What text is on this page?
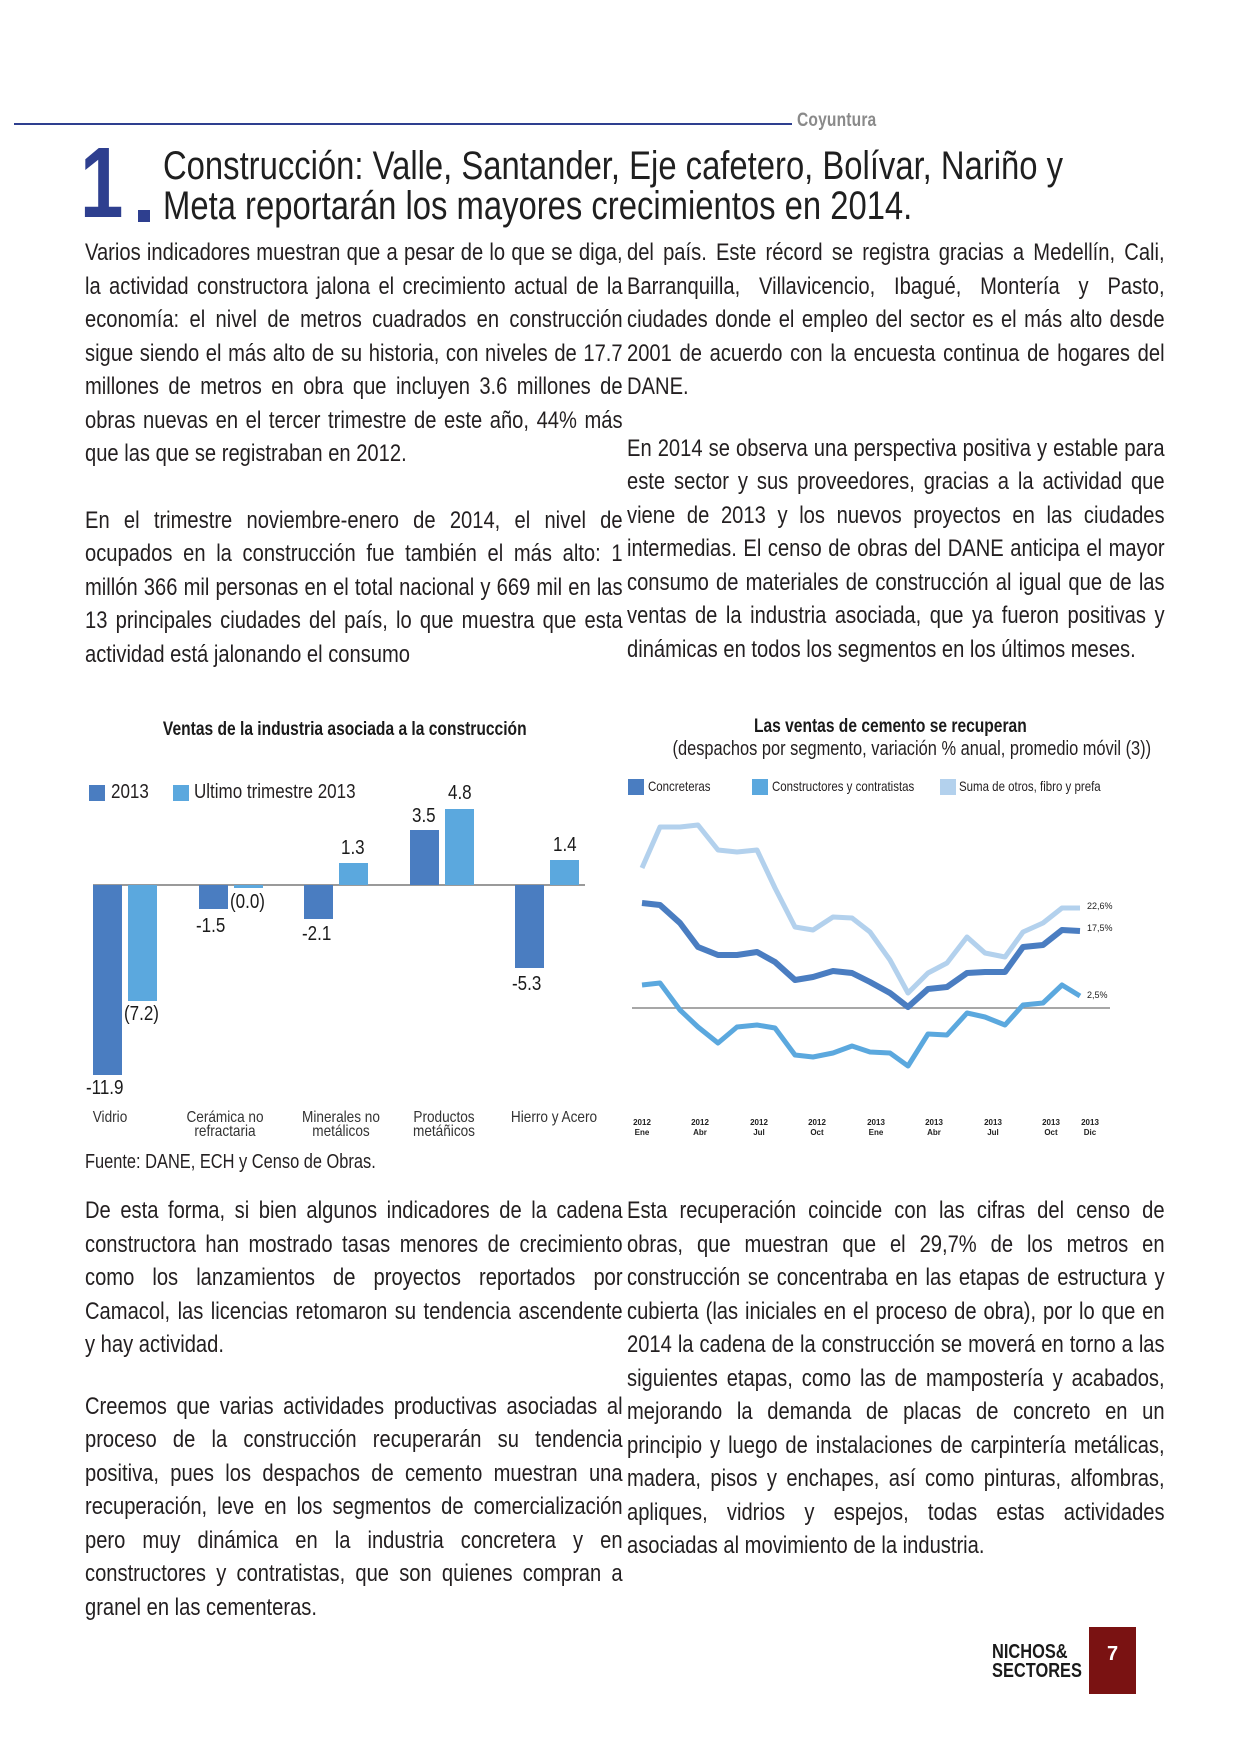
Coyuntura
1 Construcción: Valle, Santander, Eje cafetero, Bolívar, Nariño y
Meta reportarán los mayores crecimientos en 2014.

Varios indicadores muestran que a pesar de lo que se diga, la actividad constructora jalona el crecimiento actual de la economía: el nivel de metros cuadrados en construcción sigue siendo el más alto de su historia, con niveles de 17.7 millones de metros en obra que incluyen 3.6 millones de obras nuevas en el tercer trimestre de este año, 44% más que las que se registraban en 2012.

En el trimestre noviembre-enero de 2014, el nivel de ocupados en la construcción fue también el más alto: 1 millón 366 mil personas en el total nacional y 669 mil en las 13 principales ciudades del país, lo que muestra que esta actividad está jalonando el consumo

del país. Este récord se registra gracias a Medellín, Cali, Barranquilla, Villavicencio, Ibagué, Montería y Pasto, ciudades donde el empleo del sector es el más alto desde 2001 de acuerdo con la encuesta continua de hogares del DANE.

En 2014 se observa una perspectiva positiva y estable para este sector y sus proveedores, gracias a la actividad que viene de 2013 y los nuevos proyectos en las ciudades intermedias. El censo de obras del DANE anticipa el mayor consumo de materiales de construcción al igual que de las ventas de la industria asociada, que ya fueron positivas y dinámicas en todos los segmentos en los últimos meses.

Ventas de la industria asociada a la construcción
2013 Ultimo trimestre 2013
-11.9
(7.2)
-1.5
(0.0)
-2.1
1.3
3.5
4.8
-5.3
1.4
Vidrio	Cerámica no
refractaria
Minerales no
metálicos
Productos
metáñicos
Hierro y Acero
Fuente: DANE, ECH y Censo de Obras.
Las ventas de cemento se recuperan
(despachos por segmento, variación % anual, promedio móvil (3))
Concreteras	Constructores y contratistas	Suma de otros, fibro y prefa
22,6%
17,5%
2,5%
2012
Ene
2012
Abr
2012
Jul
2012
Oct
2013
Ene
2013
Abr
2013
Jul
2013
Oct
2013
Dic

De esta forma, si bien algunos indicadores de la cadena constructora han mostrado tasas menores de crecimiento como los lanzamientos de proyectos reportados por Camacol, las licencias retomaron su tendencia ascendente y hay actividad.

Creemos que varias actividades productivas asociadas al proceso de la construcción recuperarán su tendencia positiva, pues los despachos de cemento muestran una recuperación, leve en los segmentos de comercialización pero muy dinámica en la industria concretera y en constructores y contratistas, que son quienes compran a granel en las cementeras.

Esta recuperación coincide con las cifras del censo de obras, que muestran que el 29,7% de los metros en construcción se concentraba en las etapas de estructura y cubierta (las iniciales en el proceso de obra), por lo que en 2014 la cadena de la construcción se moverá en torno a las siguientes etapas, como las de mampostería y acabados, mejorando la demanda de placas de concreto en un principio y luego de instalaciones de carpintería metálicas, madera, pisos y enchapes, así como pinturas, alfombras, apliques, vidrios y espejos, todas estas actividades asociadas al movimiento de la industria.

NICHOS&
SECTORES
7
